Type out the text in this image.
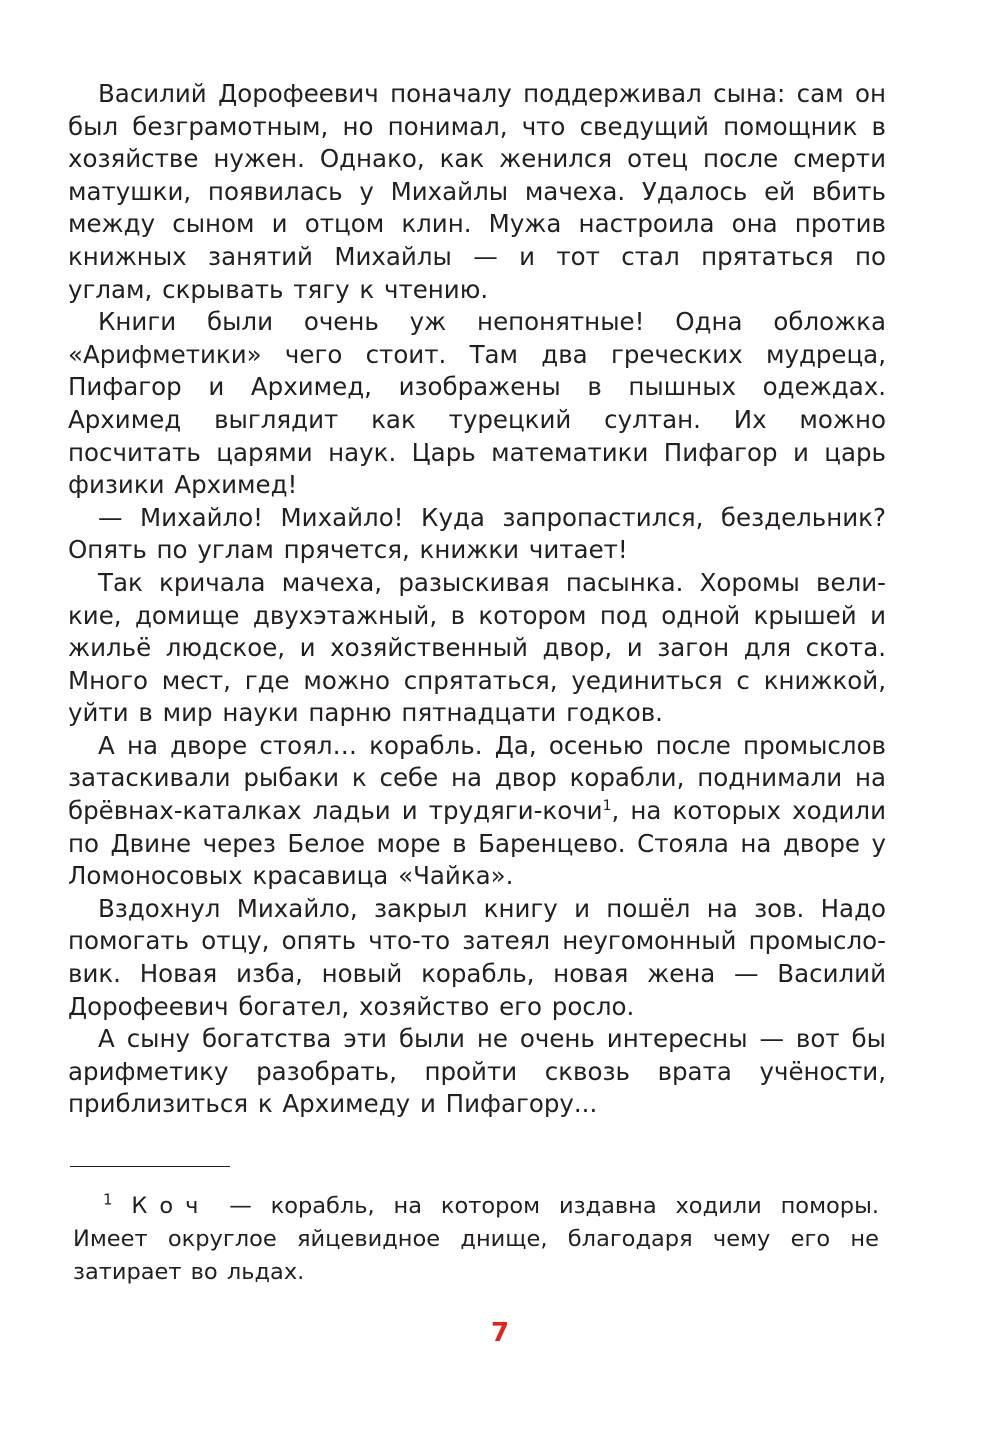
Василий Дорофеевич поначалу поддерживал сына: сам он был безграмотным, но понимал, что сведущий помощник в хозяйстве нужен. Однако, как женился отец после смерти матушки, появилась у Михайлы мачеха. Удалось ей вбить между сыном и отцом клин. Мужа настроила она против книжных занятий Михайлы — и тот стал прятаться по углам, скрывать тягу к чтению.

Книги были очень уж непонятные! Одна обложка «Арифметики» чего стоит. Там два греческих мудреца, Пифагор и Архимед, изображены в пышных одеждах. Архимед выглядит как турецкий султан. Их можно посчитать царями наук. Царь математики Пифагор и царь физики Архимед!

— Михайло! Михайло! Куда запропастился, бездельник? Опять по углам прячется, книжки читает!

Так кричала мачеха, разыскивая пасынка. Хоромы великие, домище двухэтажный, в котором под одной крышей и жильё людское, и хозяйственный двор, и загон для скота. Много мест, где можно спрятаться, уединиться с книжкой, уйти в мир науки парню пятнадцати годков.

А на дворе стоял… корабль. Да, осенью после промыслов затаскивали рыбаки к себе на двор корабли, поднимали на брёвнах-каталках ладьи и трудяги-кочи$^1$, на которых ходили по Двине через Белое море в Баренцево. Стояла на дворе у Ломоносовых красавица «Чайка».

Вздохнул Михайло, закрыл книгу и пошёл на зов. Надо помогать отцу, опять что-то затеял неугомонный промысловик. Новая изба, новый корабль, новая жена — Василий Дорофеевич богател, хозяйство его росло.

А сыну богатства эти были не очень интересны — вот бы арифметику разобрать, пройти сквозь врата учёности, приблизиться к Архимеду и Пифагору...

$^1$ Коч — корабль, на котором издавна ходили поморы. Имеет округлое яйцевидное днище, благодаря чему его не затирает во льдах.

7
